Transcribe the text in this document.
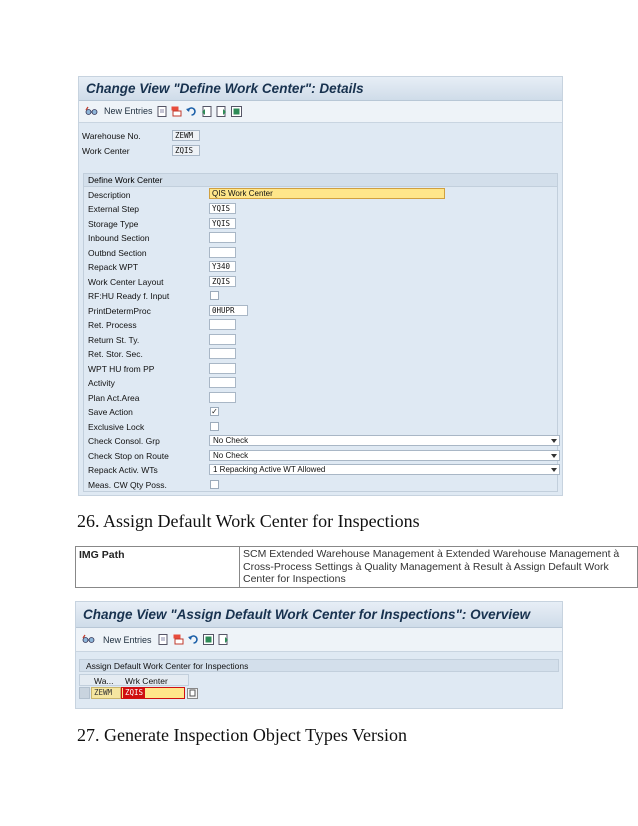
Change View "Define Work Center": Details
New Entries
Warehouse No.	ZEWM
Work Center	ZQIS
Define Work Center
Description	QIS Work Center
External Step	YQIS
Storage Type	YQIS
Inbound Section
Outbnd Section
Repack WPT	Y340
Work Center Layout	ZQIS
RF:HU Ready f. Input
PrintDetermProc	0HUPR
Ret. Process
Return St. Ty.
Ret. Stor. Sec.
WPT HU from PP
Activity
Plan Act.Area
Save Action	✓
Exclusive Lock
Check Consol. Grp	No Check
Check Stop on Route	No Check
Repack Activ. WTs	1 Repacking Active WT Allowed
Meas. CW Qty Poss.
26. Assign Default Work Center for Inspections
IMG Path	SCM Extended Warehouse Management à Extended Warehouse Management à
Cross-Process Settings à Quality Management à Result à Assign Default Work
Center for Inspections
Change View "Assign Default Work Center for Inspections": Overview
New Entries
Assign Default Work Center for Inspections
Wa... Wrk Center
ZEWM	ZQIS
27. Generate Inspection Object Types Version
